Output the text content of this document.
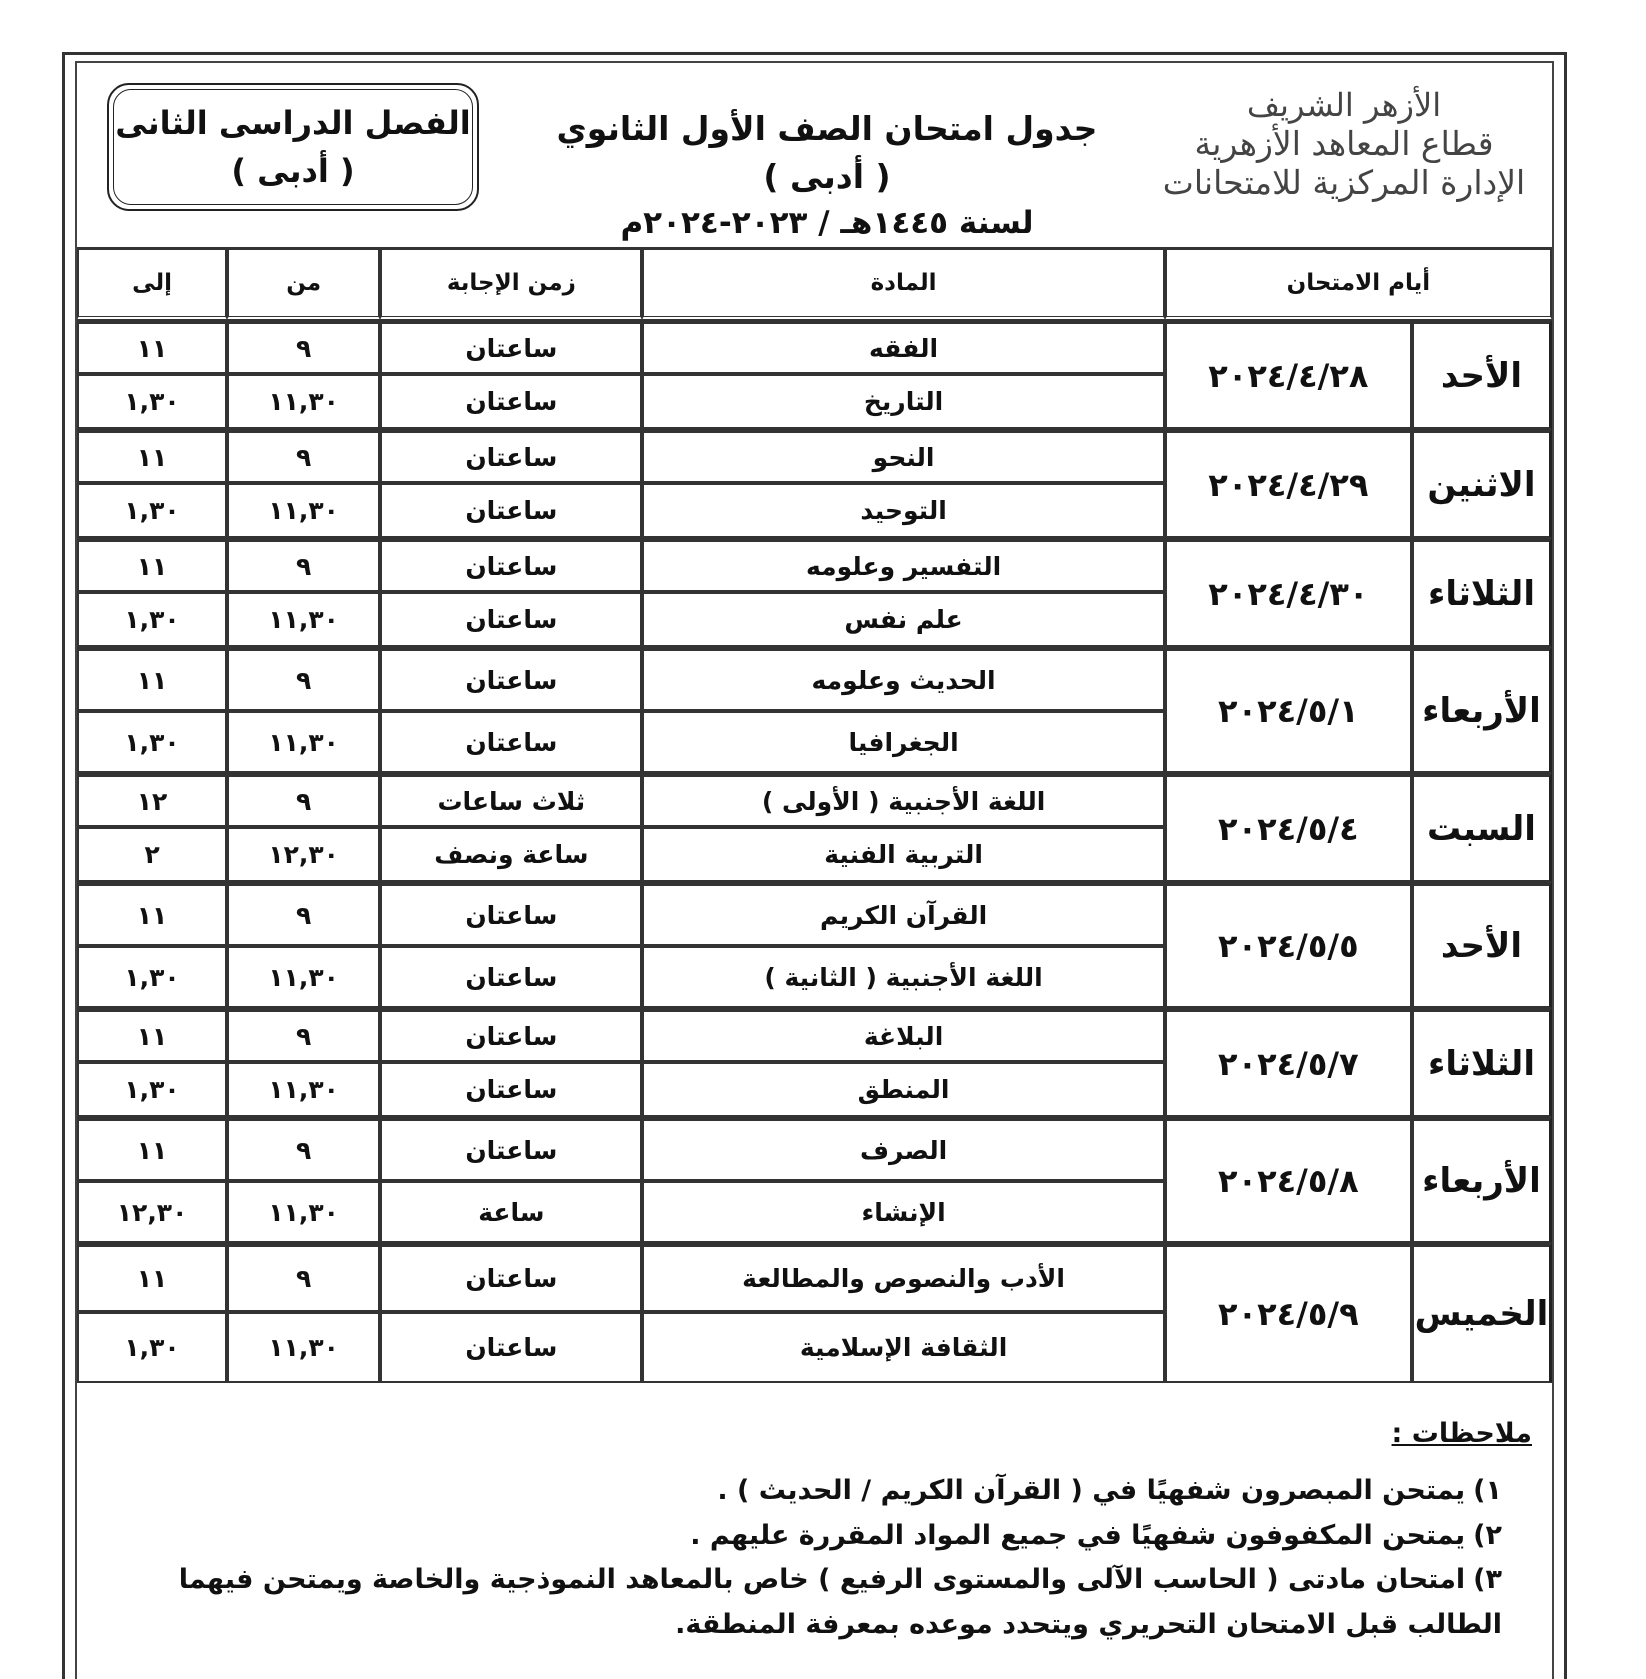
الأزهر الشريف
قطاع المعاهد الأزهرية
الإدارة المركزية للامتحانات
جدول امتحان الصف الأول الثانوي ( أدبى )
لسنة ١٤٤٥هـ / ٢٠٢٣-٢٠٢٤م
الفصل الدراسى الثانى
( أدبى )
أيام الامتحان		المادة	زمن الإجابة	من	إلى
الأحد	٢٠٢٤/٤/٢٨	الفقه	ساعتان	٩	١١
		التاريخ	ساعتان	١١,٣٠	١,٣٠
الاثنين	٢٠٢٤/٤/٢٩	النحو	ساعتان	٩	١١
		التوحيد	ساعتان	١١,٣٠	١,٣٠
الثلاثاء	٢٠٢٤/٤/٣٠	التفسير وعلومه	ساعتان	٩	١١
		علم نفس	ساعتان	١١,٣٠	١,٣٠
الأربعاء	٢٠٢٤/٥/١	الحديث وعلومه	ساعتان	٩	١١
		الجغرافيا	ساعتان	١١,٣٠	١,٣٠
السبت	٢٠٢٤/٥/٤	اللغة الأجنبية ( الأولى )	ثلاث ساعات	٩	١٢
		التربية الفنية	ساعة ونصف	١٢,٣٠	٢
الأحد	٢٠٢٤/٥/٥	القرآن الكريم	ساعتان	٩	١١
		اللغة الأجنبية ( الثانية )	ساعتان	١١,٣٠	١,٣٠
الثلاثاء	٢٠٢٤/٥/٧	البلاغة	ساعتان	٩	١١
		المنطق	ساعتان	١١,٣٠	١,٣٠
الأربعاء	٢٠٢٤/٥/٨	الصرف	ساعتان	٩	١١
		الإنشاء	ساعة	١١,٣٠	١٢,٣٠
الخميس	٢٠٢٤/٥/٩	الأدب والنصوص والمطالعة	ساعتان	٩	١١
		الثقافة الإسلامية	ساعتان	١١,٣٠	١,٣٠
ملاحظات :
١)يمتحن المبصرون شفهيًا في ( القرآن الكريم / الحديث ) .
٢)يمتحن المكفوفون شفهيًا في جميع المواد المقررة عليهم .
٣)امتحان مادتى ( الحاسب الآلى والمستوى الرفيع ) خاص بالمعاهد النموذجية والخاصة ويمتحن فيهما الطالب قبل الامتحان التحريري ويتحدد موعده بمعرفة المنطقة.
